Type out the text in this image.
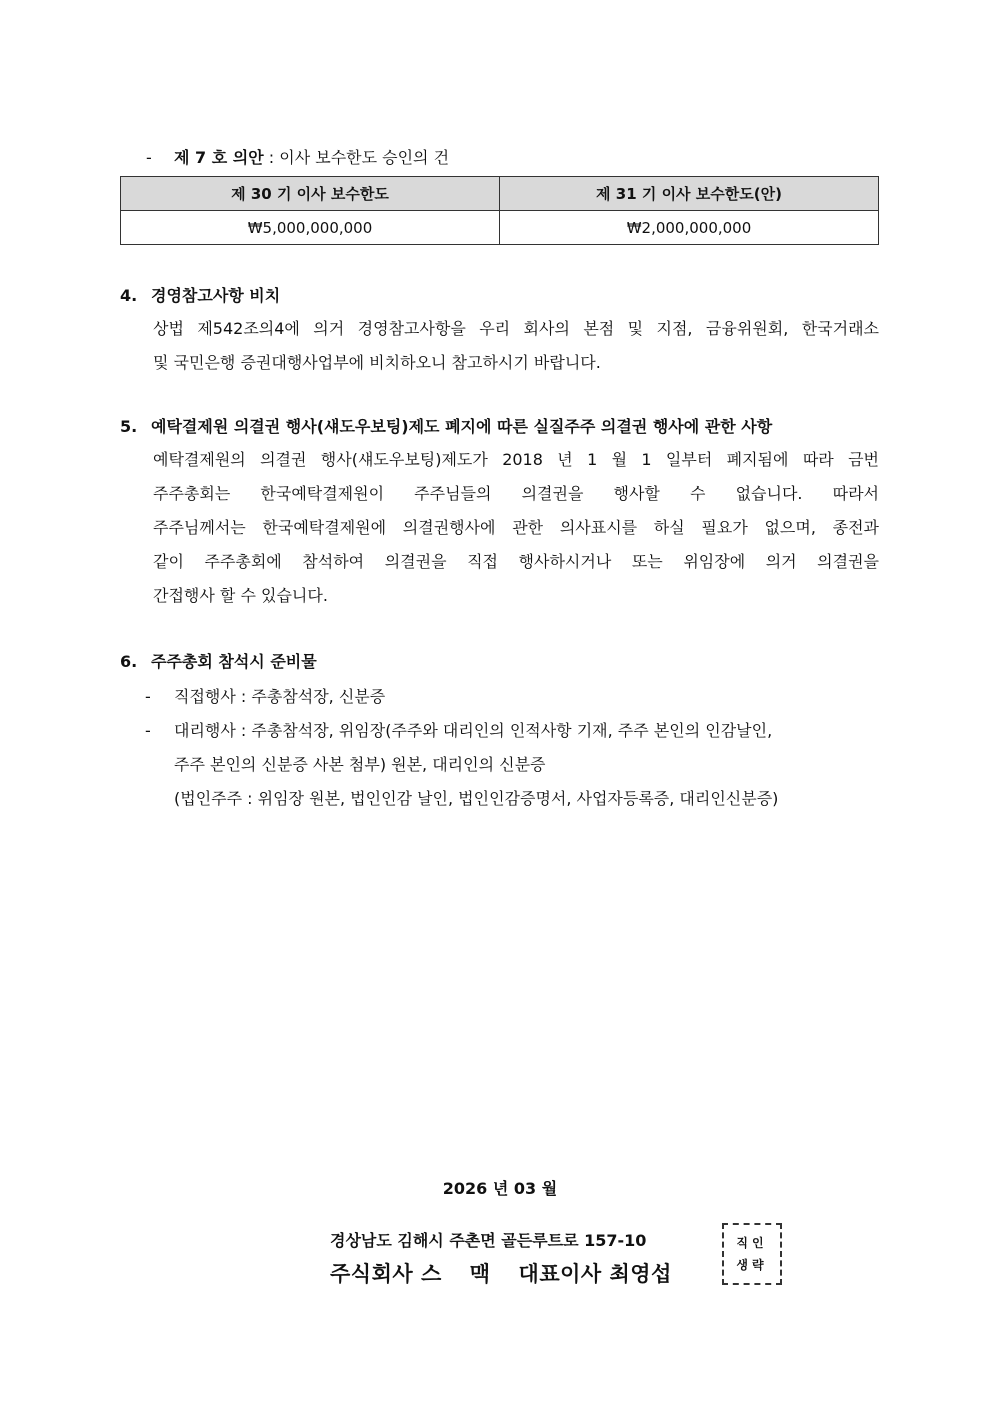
- 제 7 호 의안 : 이사 보수한도 승인의 건
제 30 기 이사 보수한도	제 31 기 이사 보수한도(안)
₩5,000,000,000	₩2,000,000,000
4. 경영참고사항 비치

상법 제542조의4에 의거 경영참고사항을 우리 회사의 본점 및 지점, 금융위원회, 한국거래소

및 국민은행 증권대행사업부에 비치하오니 참고하시기 바랍니다.

5. 예탁결제원 의결권 행사(섀도우보팅)제도 폐지에 따른 실질주주 의결권 행사에 관한 사항

예탁결제원의 의결권 행사(섀도우보팅)제도가 2018 년 1 월 1 일부터 폐지됨에 따라 금번

주주총회는 한국예탁결제원이 주주님들의 의결권을 행사할 수 없습니다. 따라서

주주님께서는 한국예탁결제원에 의결권행사에 관한 의사표시를 하실 필요가 없으며, 종전과

같이 주주총회에 참석하여 의결권을 직접 행사하시거나 또는 위임장에 의거 의결권을

간접행사 할 수 있습니다.

6. 주주총회 참석시 준비물
-	직접행사 : 주총참석장, 신분증
-	대리행사 : 주총참석장, 위임장(주주와 대리인의 인적사항 기재, 주주 본인의 인감날인,
주주 본인의 신분증 사본 첨부) 원본, 대리인의 신분증
(법인주주 : 위임장 원본, 법인인감 날인, 법인인감증명서, 사업자등록증, 대리인신분증)
2026 년 03 월
경상남도 김해시 주촌면 골든루트로 157-10
주식회사 스 맥 대표이사 최영섭
직인
생략
